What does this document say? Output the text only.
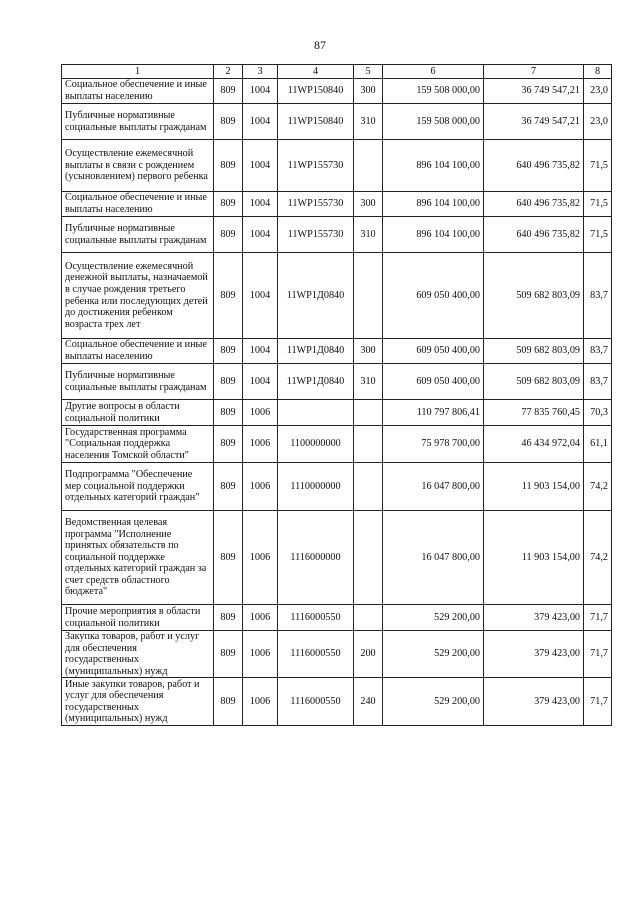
87
1	2	3	4	5	6	7	8
Социальное обеспечение и иные выплаты населению	809	1004	11WP150840	300	159 508 000,00	36 749 547,21	23,0
Публичные нормативные социальные выплаты гражданам	809	1004	11WP150840	310	159 508 000,00	36 749 547,21	23,0
Осуществление ежемесячной выплаты в связи с рождением (усыновлением) первого ребенка	809	1004	11WP155730		896 104 100,00	640 496 735,82	71,5
Социальное обеспечение и иные выплаты населению	809	1004	11WP155730	300	896 104 100,00	640 496 735,82	71,5
Публичные нормативные социальные выплаты гражданам	809	1004	11WP155730	310	896 104 100,00	640 496 735,82	71,5
Осуществление ежемесячной денежной выплаты, назначаемой в случае рождения третьего ребенка или последующих детей до достижения ребенком возраста трех лет	809	1004	11WP1Д0840		609 050 400,00	509 682 803,09	83,7
Социальное обеспечение и иные выплаты населению	809	1004	11WP1Д0840	300	609 050 400,00	509 682 803,09	83,7
Публичные нормативные социальные выплаты гражданам	809	1004	11WP1Д0840	310	609 050 400,00	509 682 803,09	83,7
Другие вопросы в области социальной политики	809	1006			110 797 806,41	77 835 760,45	70,3
Государственная программа "Социальная поддержка населения Томской области"	809	1006	1100000000		75 978 700,00	46 434 972,04	61,1
Подпрограмма "Обеспечение мер социальной поддержки отдельных категорий граждан"	809	1006	1110000000		16 047 800,00	11 903 154,00	74,2
Ведомственная целевая программа "Исполнение принятых обязательств по социальной поддержке отдельных категорий граждан за счет средств областного бюджета"	809	1006	1116000000		16 047 800,00	11 903 154,00	74,2
Прочие мероприятия в области социальной политики	809	1006	1116000550		529 200,00	379 423,00	71,7
Закупка товаров, работ и услуг для обеспечения государственных (муниципальных) нужд	809	1006	1116000550	200	529 200,00	379 423,00	71,7
Иные закупки товаров, работ и услуг для обеспечения государственных (муниципальных) нужд	809	1006	1116000550	240	529 200,00	379 423,00	71,7
